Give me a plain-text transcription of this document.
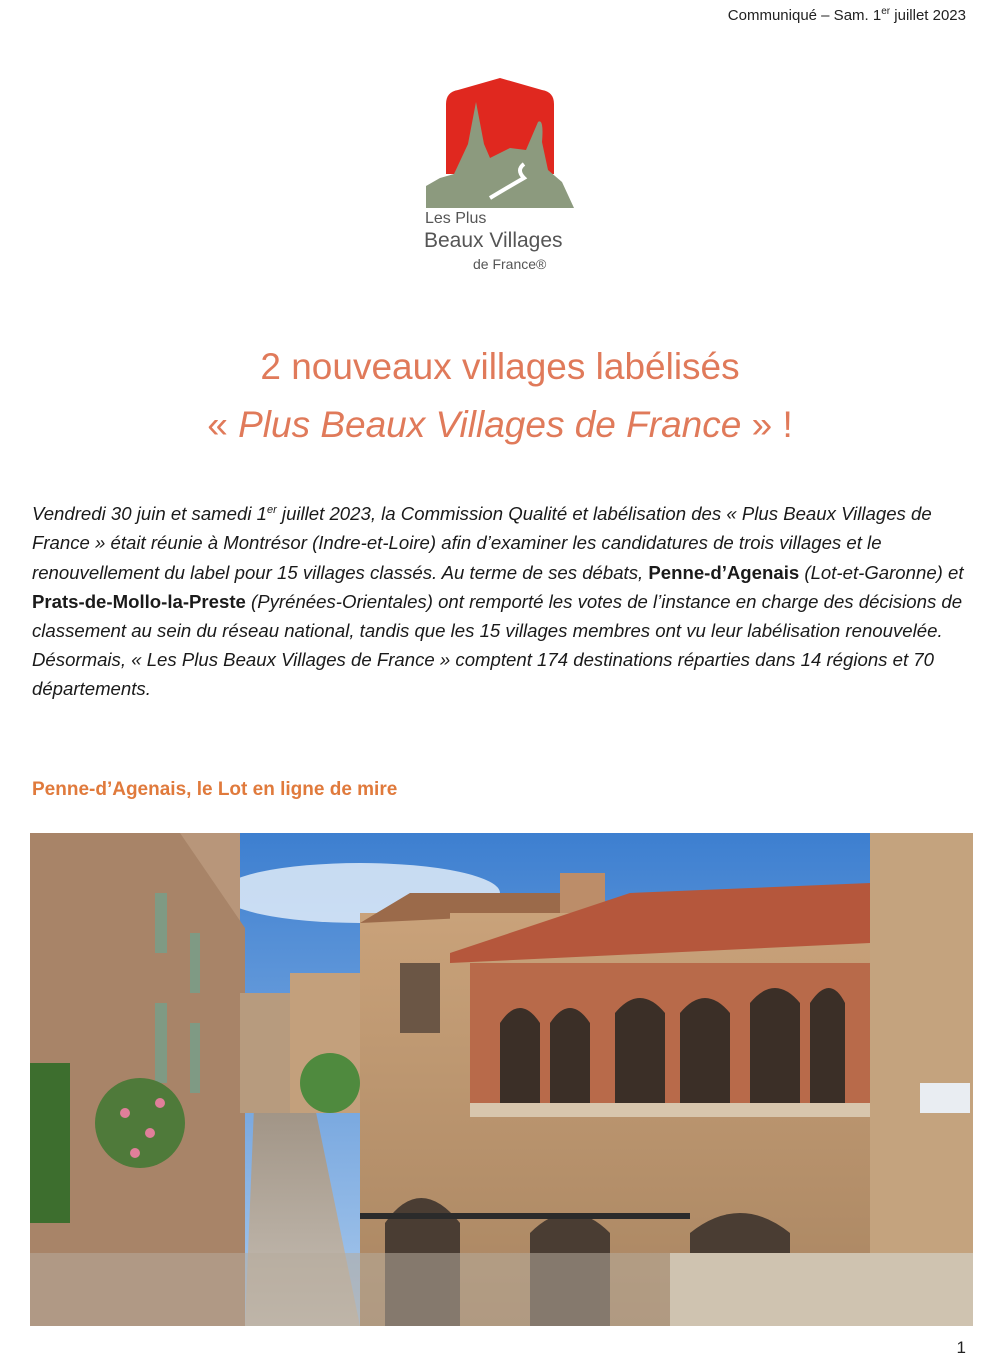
Communiqué – Sam. 1er juillet 2023
Les Plus
Beaux Villages
de France®
2 nouveaux villages labélisés
« Plus Beaux Villages de France » !
Vendredi 30 juin et samedi 1er juillet 2023, la Commission Qualité et labélisation des « Plus Beaux Villages de France » était réunie à Montrésor (Indre-et-Loire) afin d’examiner les candidatures de trois villages et le renouvellement du label pour 15 villages classés. Au terme de ses débats, Penne-d’Agenais (Lot-et-Garonne) et Prats-de-Mollo-la-Preste (Pyrénées-Orientales) ont remporté les votes de l’instance en charge des décisions de classement au sein du réseau national, tandis que les 15 villages membres ont vu leur labélisation renouvelée. Désormais, « Les Plus Beaux Villages de France » comptent 174 destinations réparties dans 14 régions et 70 départements.
Penne-d’Agenais, le Lot en ligne de mire
1
